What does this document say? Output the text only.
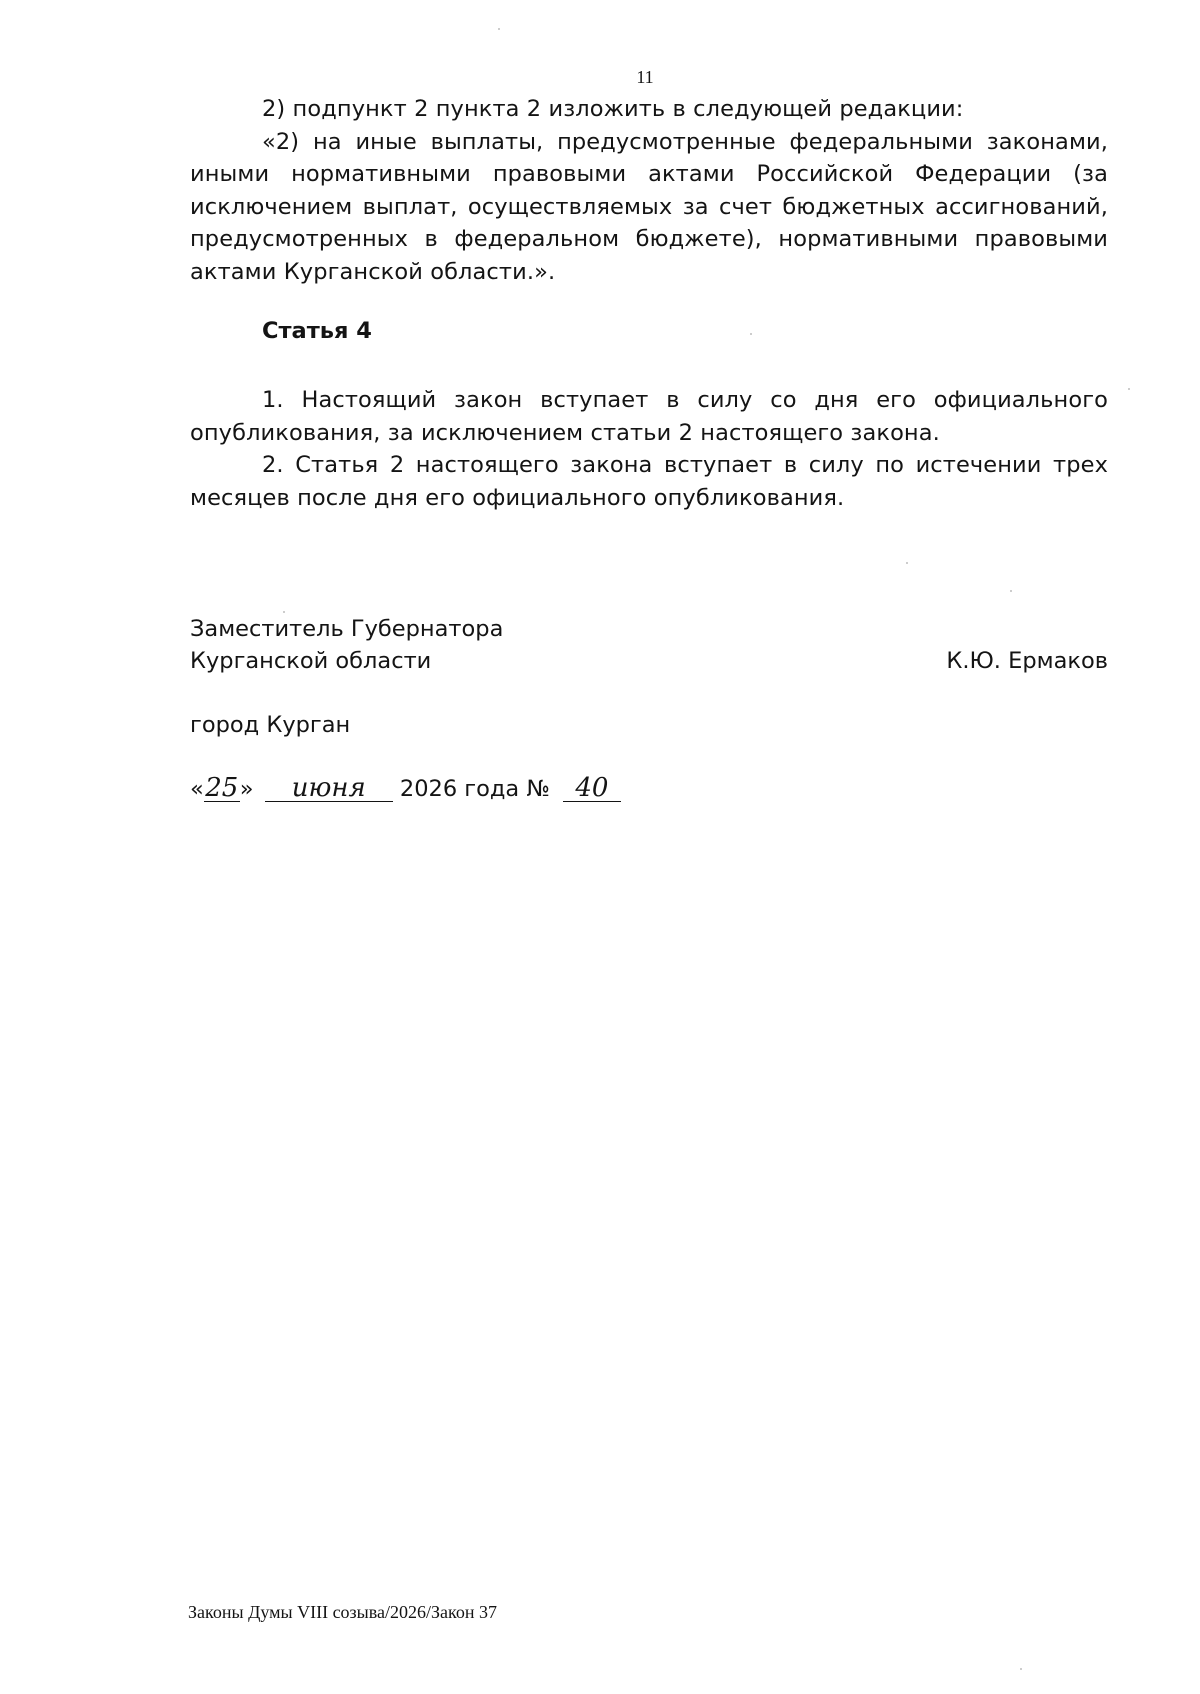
11

2) подпункт 2 пункта 2 изложить в следующей редакции:

«2) на иные выплаты, предусмотренные федеральными законами, иными нормативными правовыми актами Российской Федерации (за исключением выплат, осуществляемых за счет бюджетных ассигнований, предусмотренных в федеральном бюджете), нормативными правовыми актами Курганской области.».

Статья 4

1. Настоящий закон вступает в силу со дня его официального опубликования, за исключением статьи 2 настоящего закона.

2. Статья 2 настоящего закона вступает в силу по истечении трех месяцев после дня его официального опубликования.

Заместитель Губернатора
Курганской области	К.Ю. Ермаков
город Курган
«25» июня 2026 года № 40
Законы Думы VIII созыва/2026/Закон 37
